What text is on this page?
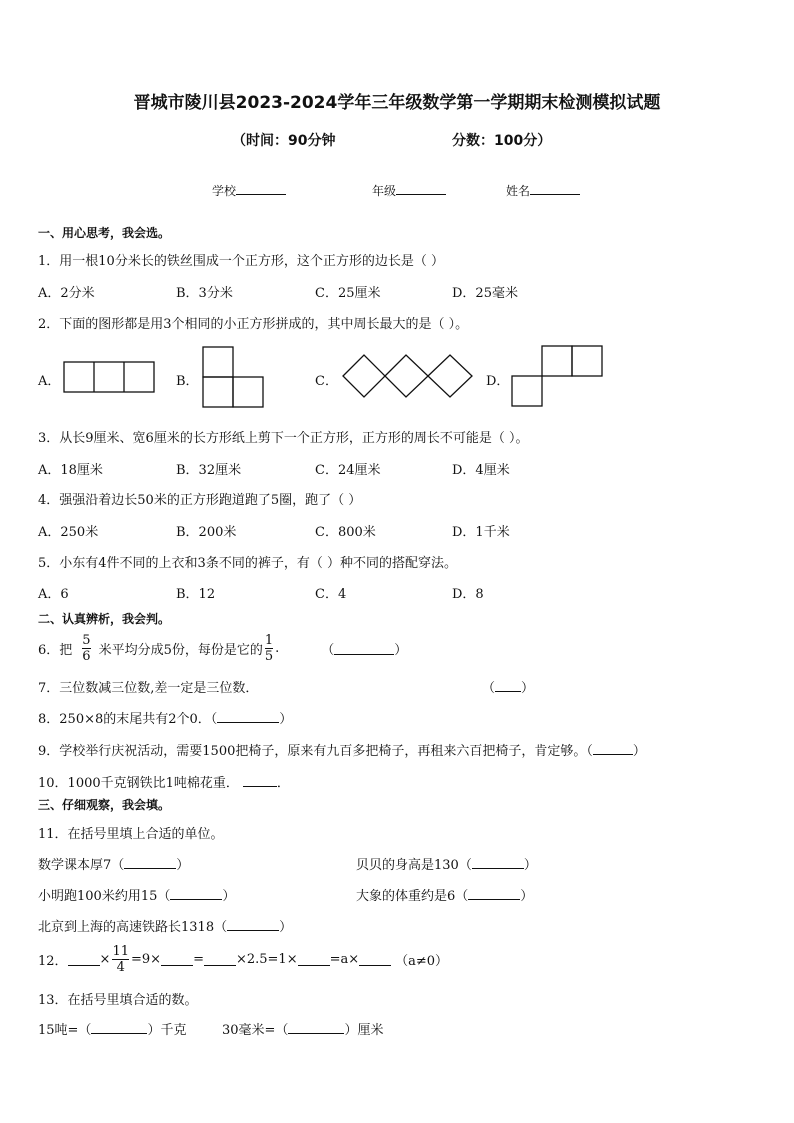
晋城市陵川县2023-2024学年三年级数学第一学期期末检测模拟试题
（时间：90分钟	分数：100分）
学校	年级	姓名
一、用心思考，我会选。
1．用一根10分米长的铁丝围成一个正方形，这个正方形的边长是（ ）
A．2分米	B．3分米	C．25厘米	D．25毫米
2．下面的图形都是用3个相同的小正方形拼成的，其中周长最大的是（ ）。
A．	B．	C．	D．
3．从长9厘米、宽6厘米的长方形纸上剪下一个正方形，正方形的周长不可能是（ ）。
A．18厘米	B．32厘米	C．24厘米	D．4厘米
4．强强沿着边长50米的正方形跑道跑了5圈，跑了（ ）
A．250米	B．200米	C．800米	D．1千米
5．小东有4件不同的上衣和3条不同的裤子，有（ ）种不同的搭配穿法。
A．6	B．12	C．4	D．8
二、认真辨析，我会判。
6．把 $\frac{5}{6}$ 米平均分成5份，每份是它的 $\frac{1}{5}$ .	（	）
7．三位数减三位数,差一定是三位数．	（ ）
8．250×8的末尾共有2个0．（	）
9．学校举行庆祝活动，需要1500把椅子，原来有九百多把椅子，再租来六百把椅子，肯定够。（	）
10．1000千克钢铁比1吨棉花重．	．
三、仔细观察，我会填。
11．在括号里填上合适的单位。
数学课本厚7（	）	贝贝的身高是130（	）
小明跑100米约用15（	）	大象的体重约是6（	）
北京到上海的高速铁路长1318（	）
12． × $\frac{11}{4} =9\times = \times 2.5=1\times =a\times$	（a≠0）
13．在括号里填合适的数。
15吨=（	）千克	30毫米=（	）厘米
